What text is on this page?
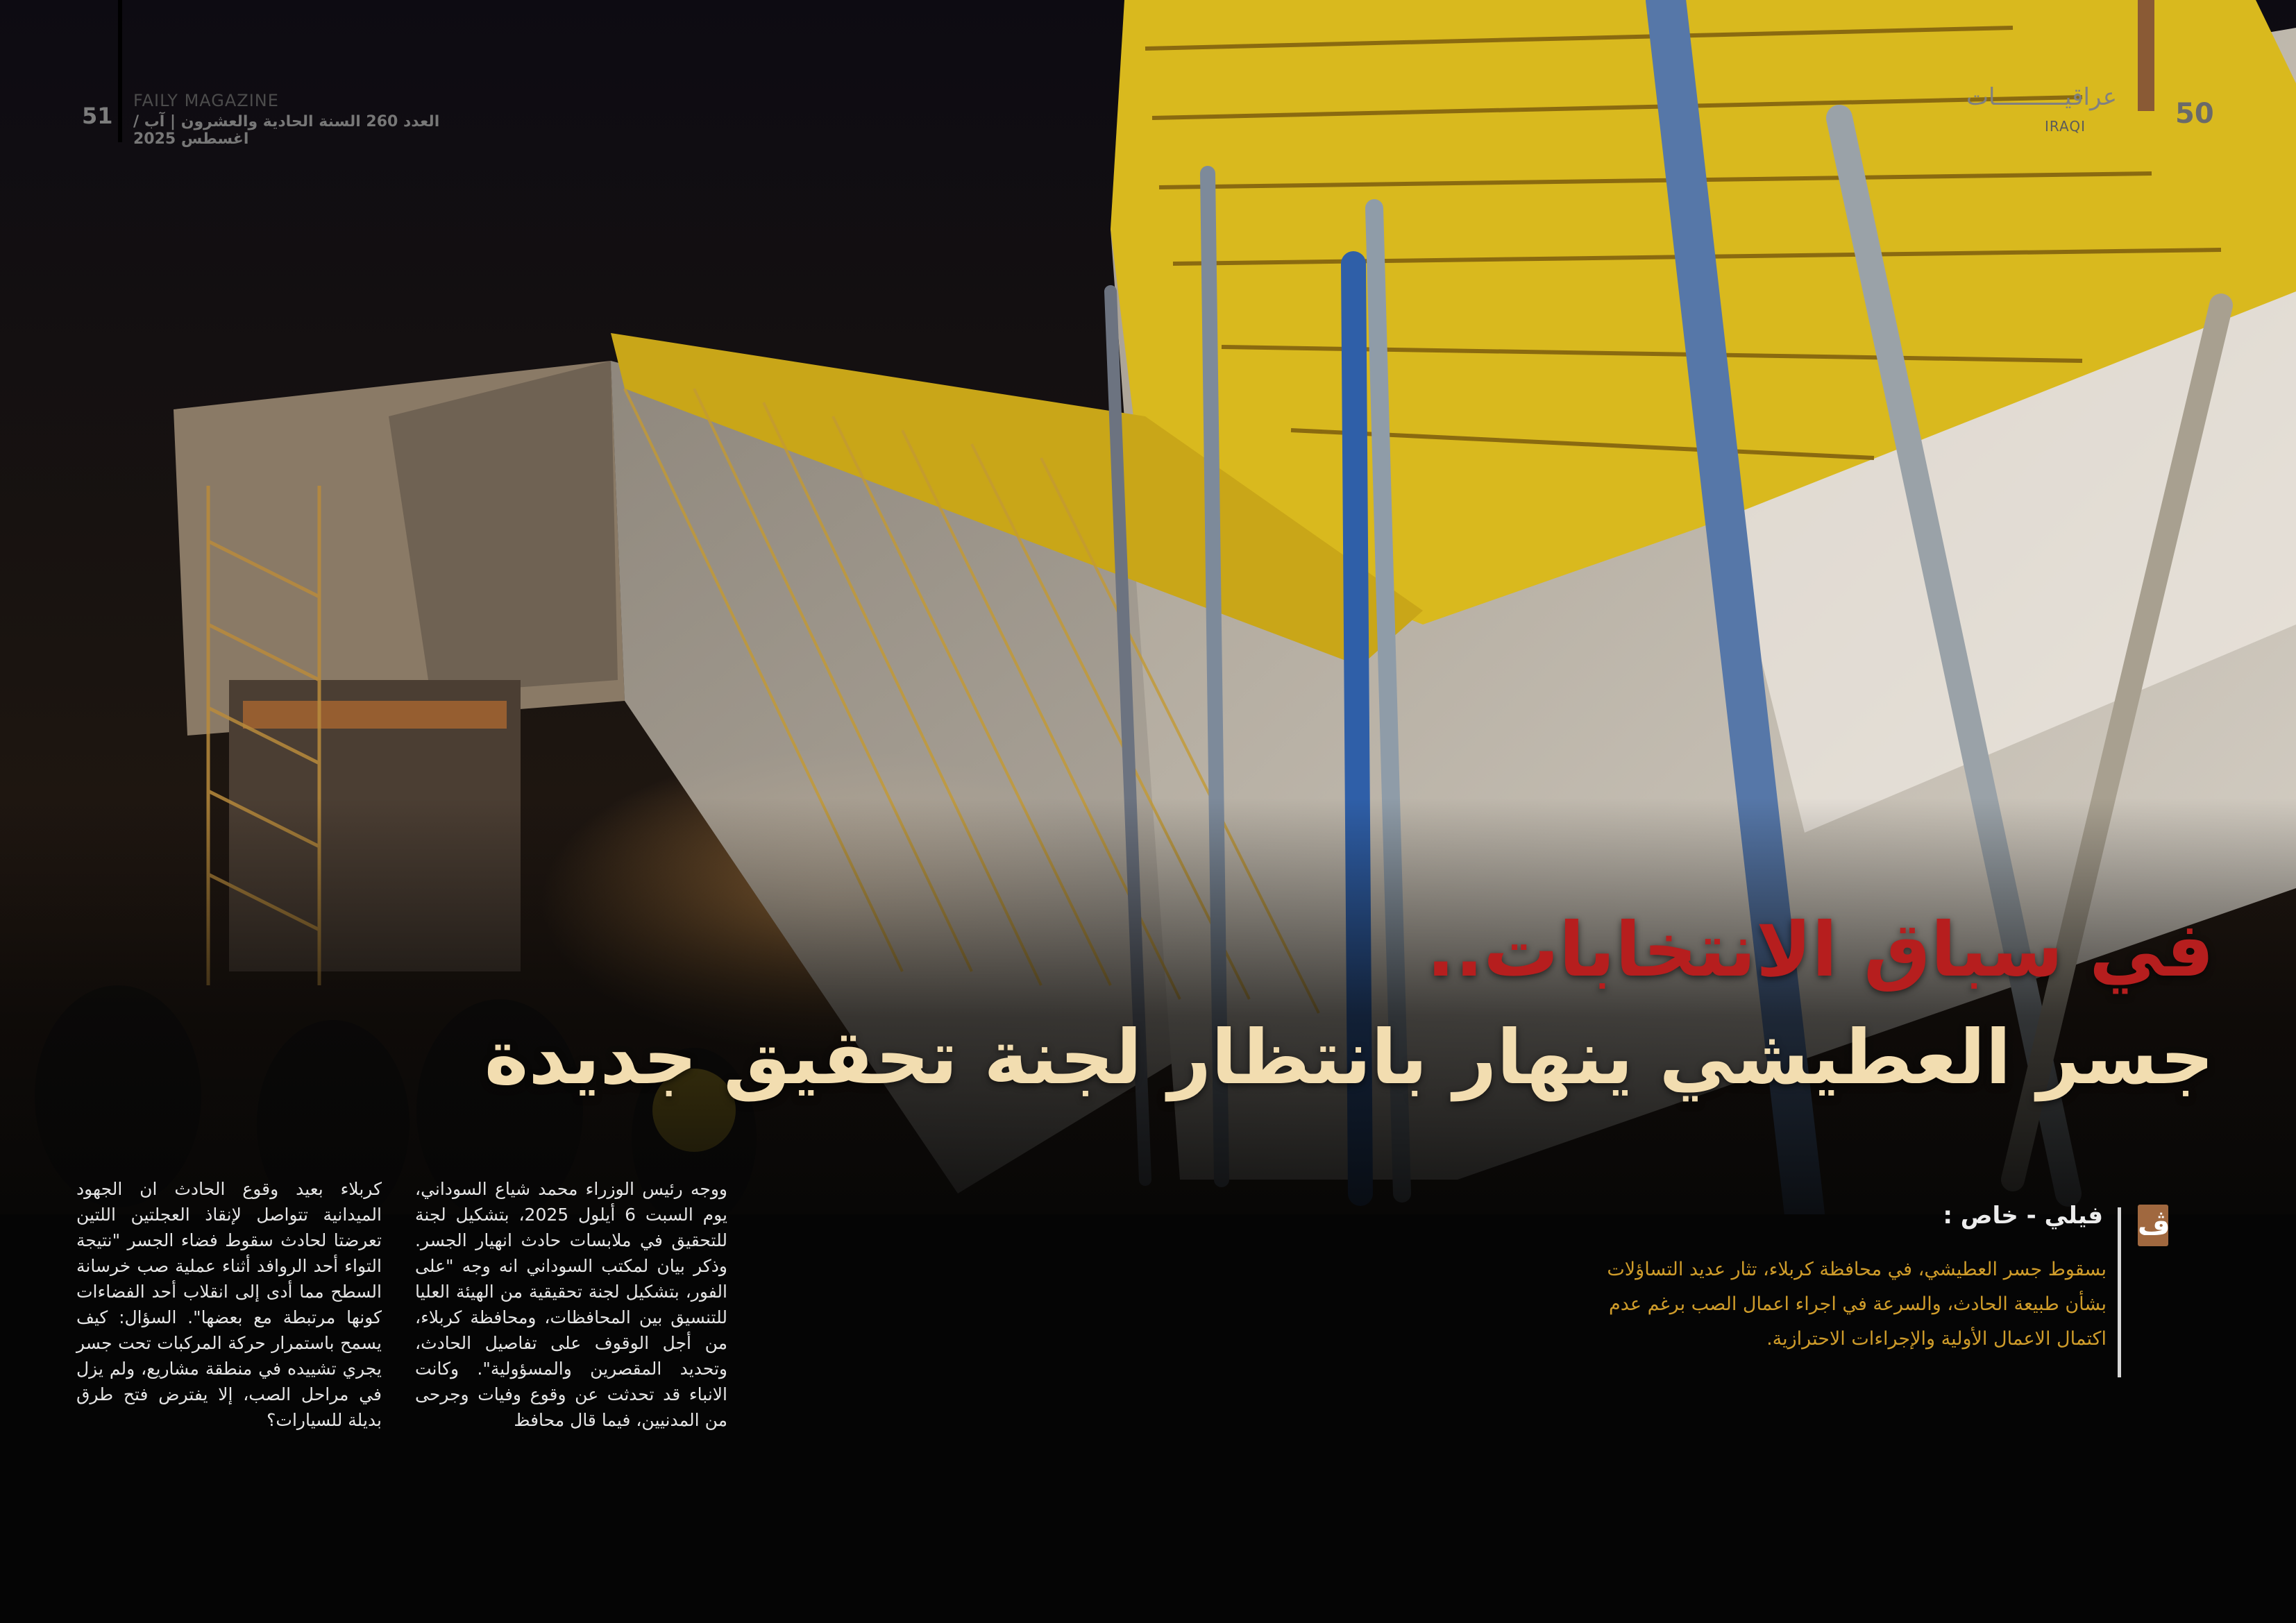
51
FAILY MAGAZINE
العدد 260 السنة الحادية والعشرون | آب / اغسطس 2025
عراقيــــــــــات
IRAQI	50
في سباق الانتخابات..
جسر العطيشي ينهار بانتظار لجنة تحقيق جديدة
ڤ
فيلي - خاص :
بسقوط جسر العطيشي، في محافظة كربلاء، تثار عديد التساؤلات بشأن طبيعة الحادث، والسرعة في اجراء اعمال الصب برغم عدم اكتمال الاعمال الأولية والإجراءات الاحترازية.
ووجه رئيس الوزراء محمد شياع السوداني، يوم السبت 6 أيلول 2025، بتشكيل لجنة للتحقيق في ملابسات حادث انهيار الجسر. وذكر بيان لمكتب السوداني انه وجه "على الفور، بتشكيل لجنة تحقيقية من الهيئة العليا للتنسيق بين المحافظات، ومحافظة كربلاء، من أجل الوقوف على تفاصيل الحادث، وتحديد المقصرين والمسؤولية". وكانت الانباء قد تحدثت عن وقوع وفيات وجرحى من المدنيين، فيما قال محافظ
كربلاء بعيد وقوع الحادث ان الجهود الميدانية تتواصل لإنقاذ العجلتين اللتين تعرضتا لحادث سقوط فضاء الجسر "نتيجة التواء أحد الروافد أثناء عملية صب خرسانة السطح مما أدى إلى انقلاب أحد الفضاءات كونها مرتبطة مع بعضها". السؤال: كيف يسمح باستمرار حركة المركبات تحت جسر يجري تشييده في منطقة مشاريع، ولم يزل في مراحل الصب، إلا يفترض فتح طرق بديلة للسيارات؟
